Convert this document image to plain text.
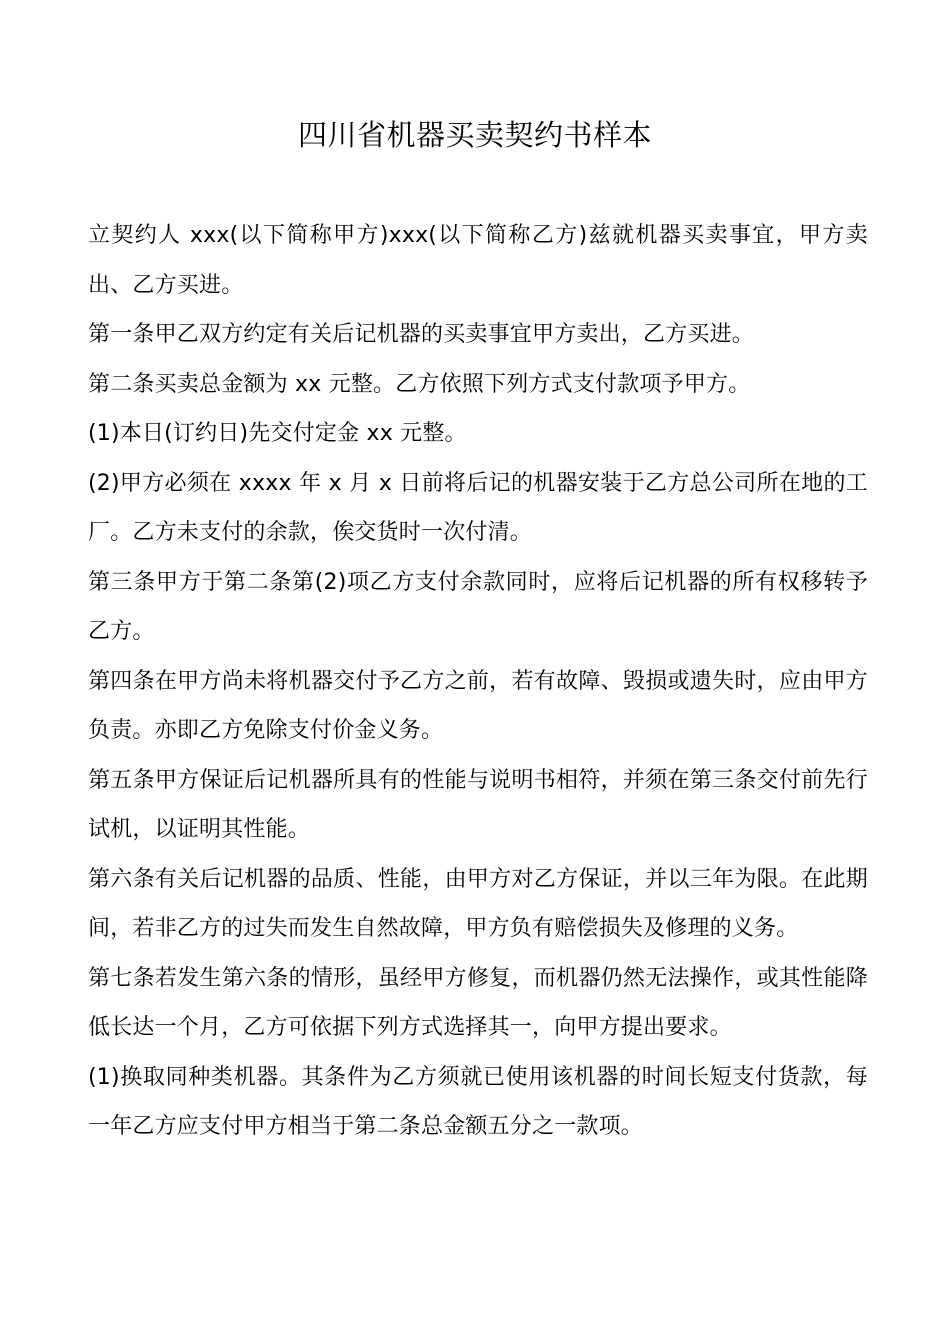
四川省机器买卖契约书样本

立契约人 xxx(以下简称甲方)xxx(以下简称乙方)兹就机器买卖事宜，甲方卖出、乙方买进。

第一条甲乙双方约定有关后记机器的买卖事宜甲方卖出，乙方买进。

第二条买卖总金额为 xx 元整。乙方依照下列方式支付款项予甲方。

(1)本日(订约日)先交付定金 xx 元整。

(2)甲方必须在 xxxx 年 x 月 x 日前将后记的机器安装于乙方总公司所在地的工厂。乙方未支付的余款，俟交货时一次付清。

第三条甲方于第二条第(2)项乙方支付余款同时，应将后记机器的所有权移转予乙方。

第四条在甲方尚未将机器交付予乙方之前，若有故障、毁损或遗失时，应由甲方负责。亦即乙方免除支付价金义务。

第五条甲方保证后记机器所具有的性能与说明书相符，并须在第三条交付前先行试机，以证明其性能。

第六条有关后记机器的品质、性能，由甲方对乙方保证，并以三年为限。在此期间，若非乙方的过失而发生自然故障，甲方负有赔偿损失及修理的义务。

第七条若发生第六条的情形，虽经甲方修复，而机器仍然无法操作，或其性能降低长达一个月，乙方可依据下列方式选择其一，向甲方提出要求。

(1)换取同种类机器。其条件为乙方须就已使用该机器的时间长短支付货款，每一年乙方应支付甲方相当于第二条总金额五分之一款项。
